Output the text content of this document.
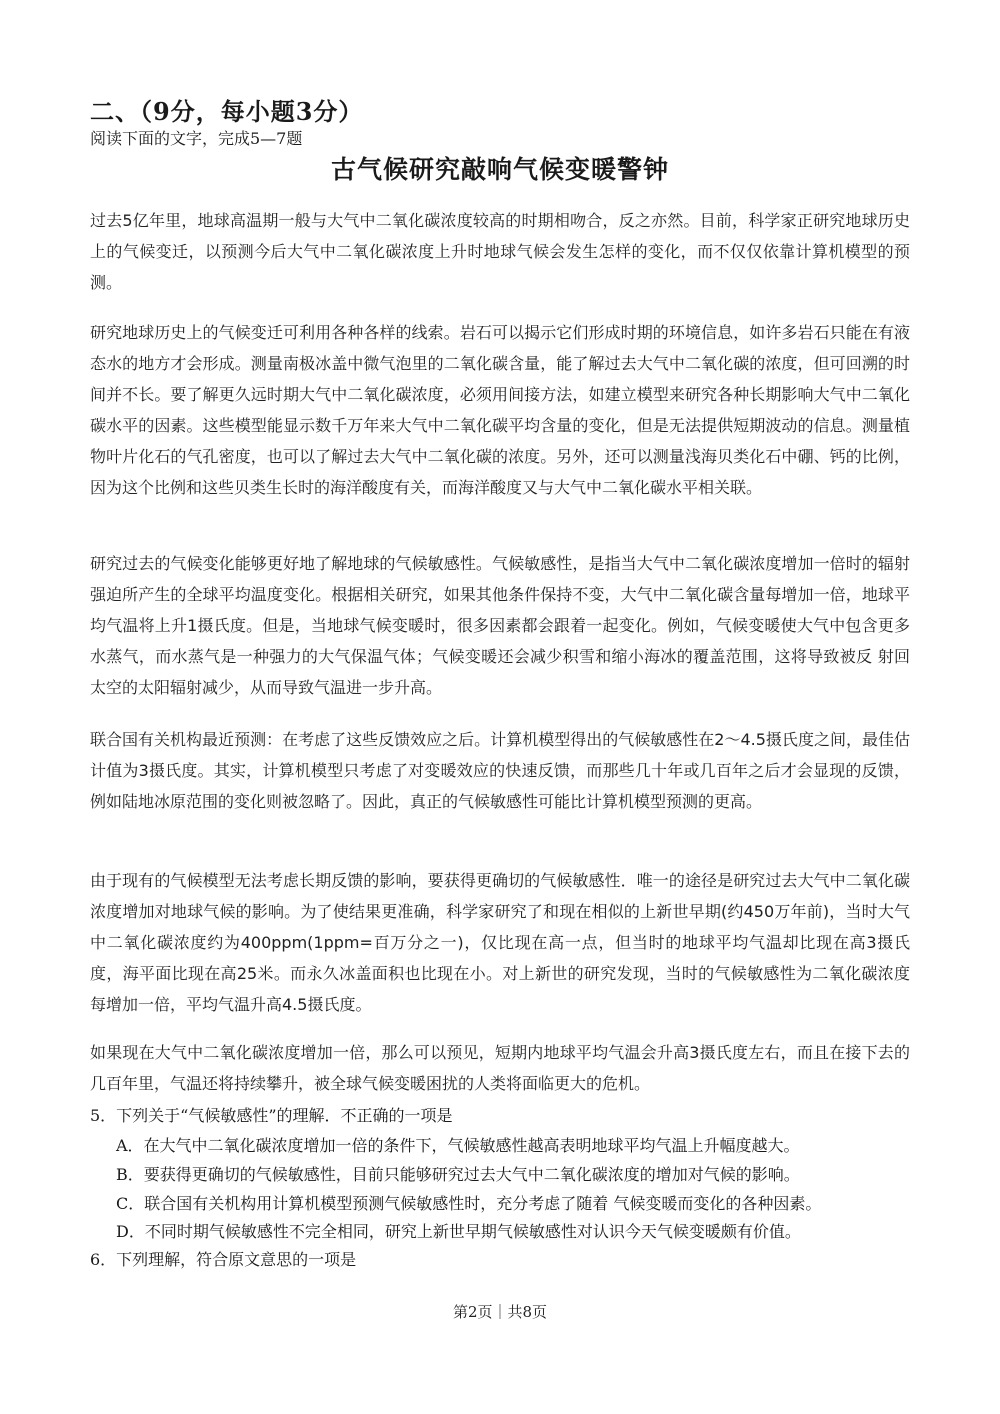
二、（9分，每小题3分）
阅读下面的文字，完成5—7题
古气候研究敲响气候变暖警钟
过去5亿年里，地球高温期一般与大气中二氧化碳浓度较高的时期相吻合，反之亦然。目前，科学家正研究地球历史上的气候变迁，以预测今后大气中二氧化碳浓度上升时地球气候会发生怎样的变化，而不仅仅依靠计算机模型的预测。
研究地球历史上的气候变迁可利用各种各样的线索。岩石可以揭示它们形成时期的环境信息，如许多岩石只能在有液态水的地方才会形成。测量南极冰盖中微气泡里的二氧化碳含量，能了解过去大气中二氧化碳的浓度，但可回溯的时间并不长。要了解更久远时期大气中二氧化碳浓度，必须用间接方法，如建立模型来研究各种长期影响大气中二氧化碳水平的因素。这些模型能显示数千万年来大气中二氧化碳平均含量的变化，但是无法提供短期波动的信息。测量植物叶片化石的气孔密度，也可以了解过去大气中二氧化碳的浓度。另外，还可以测量浅海贝类化石中硼、钙的比例，因为这个比例和这些贝类生长时的海洋酸度有关，而海洋酸度又与大气中二氧化碳水平相关联。
研究过去的气候变化能够更好地了解地球的气候敏感性。气候敏感性，是指当大气中二氧化碳浓度增加一倍时的辐射强迫所产生的全球平均温度变化。根据相关研究，如果其他条件保持不变，大气中二氧化碳含量每增加一倍，地球平均气温将上升1摄氏度。但是，当地球气候变暖时，很多因素都会跟着一起变化。例如，气候变暖使大气中包含更多水蒸气，而水蒸气是一种强力的大气保温气体；气候变暖还会减少积雪和缩小海冰的覆盖范围，这将导致被反 射回太空的太阳辐射减少，从而导致气温进一步升高。
联合国有关机构最近预测：在考虑了这些反馈效应之后。计算机模型得出的气候敏感性在2～4.5摄氏度之间，最佳估计值为3摄氏度。其实，计算机模型只考虑了对变暖效应的快速反馈，而那些几十年或几百年之后才会显现的反馈，例如陆地冰原范围的变化则被忽略了。因此，真正的气候敏感性可能比计算机模型预测的更高。
由于现有的气候模型无法考虑长期反馈的影响，要获得更确切的气候敏感性．唯一的途径是研究过去大气中二氧化碳浓度增加对地球气候的影响。为了使结果更准确，科学家研究了和现在相似的上新世早期(约450万年前)，当时大气中二氧化碳浓度约为400ppm(1ppm=百万分之一)，仅比现在高一点，但当时的地球平均气温却比现在高3摄氏度，海平面比现在高25米。而永久冰盖面积也比现在小。对上新世的研究发现，当时的气候敏感性为二氧化碳浓度每增加一倍，平均气温升高4.5摄氏度。
如果现在大气中二氧化碳浓度增加一倍，那么可以预见，短期内地球平均气温会升高3摄氏度左右，而且在接下去的几百年里，气温还将持续攀升，被全球气候变暖困扰的人类将面临更大的危机。
5．下列关于“气候敏感性”的理解．不正确的一项是
A．在大气中二氧化碳浓度增加一倍的条件下，气候敏感性越高表明地球平均气温上升幅度越大。
B．要获得更确切的气候敏感性，目前只能够研究过去大气中二氧化碳浓度的增加对气候的影响。
C．联合国有关机构用计算机模型预测气候敏感性时，充分考虑了随着 气候变暖而变化的各种因素。
D．不同时期气候敏感性不完全相同，研究上新世早期气候敏感性对认识今天气候变暖颇有价值。
6．下列理解，符合原文意思的一项是
第2页｜共8页
